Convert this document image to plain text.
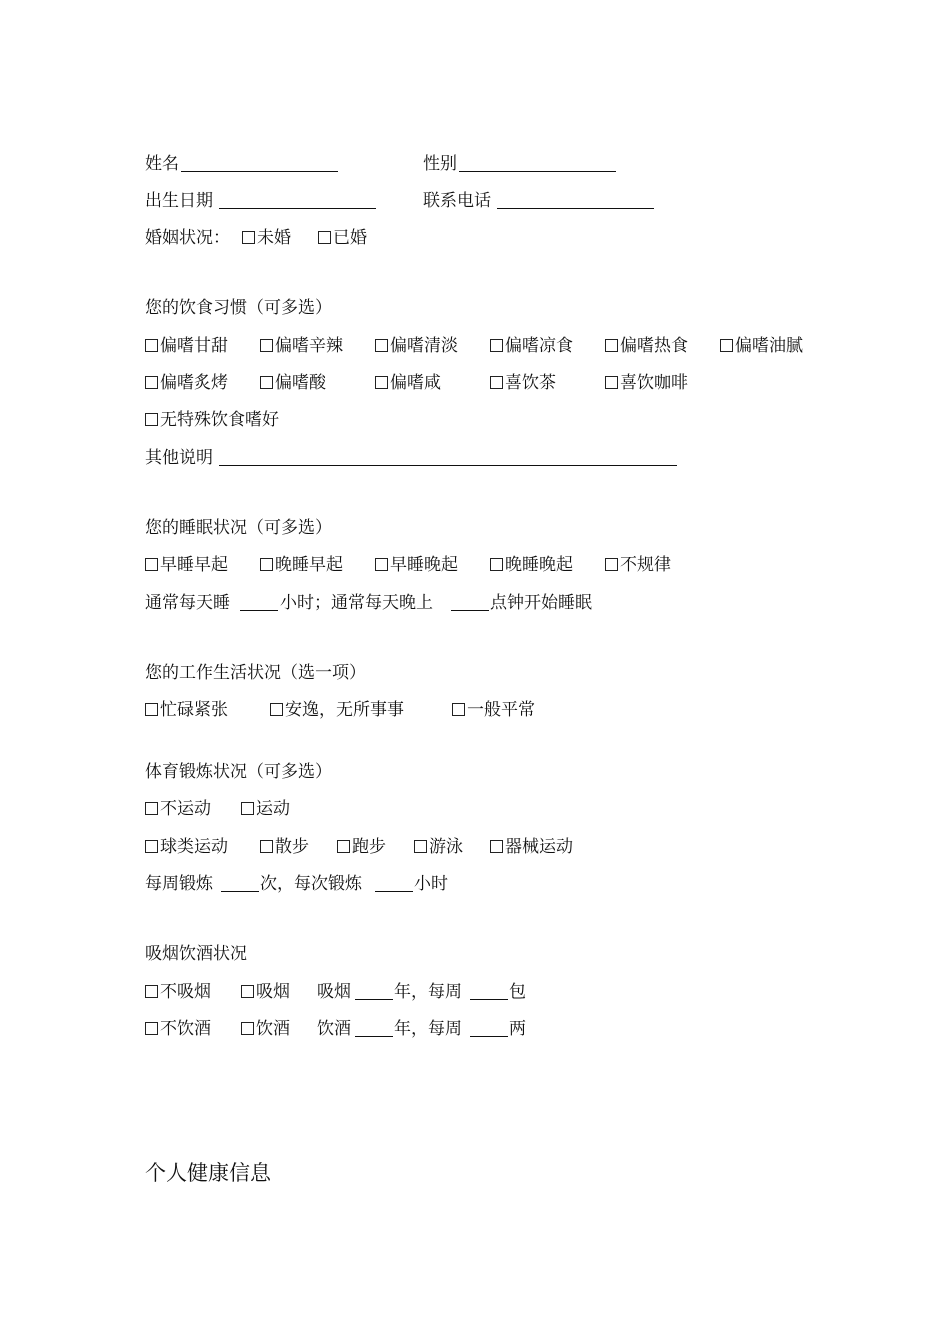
姓名	性别
出生日期	联系电话
婚姻状况：	未婚	已婚
您的饮食习惯（可多选）
偏嗜甘甜	偏嗜辛辣	偏嗜清淡	偏嗜凉食	偏嗜热食	偏嗜油腻
偏嗜炙烤	偏嗜酸	偏嗜咸	喜饮茶	喜饮咖啡
无特殊饮食嗜好
其他说明
您的睡眠状况（可多选）
早睡早起	晚睡早起	早睡晚起	晚睡晚起	不规律
通常每天睡	小时；通常每天晚上	点钟开始睡眠
您的工作生活状况（选一项）
忙碌紧张	安逸，无所事事	一般平常
体育锻炼状况（可多选）
不运动	运动
球类运动	散步	跑步	游泳	器械运动
每周锻炼	次，每次锻炼	小时
吸烟饮酒状况
不吸烟	吸烟 吸烟	年，每周	包
不饮酒	饮酒 饮酒	年，每周	两
个人健康信息
